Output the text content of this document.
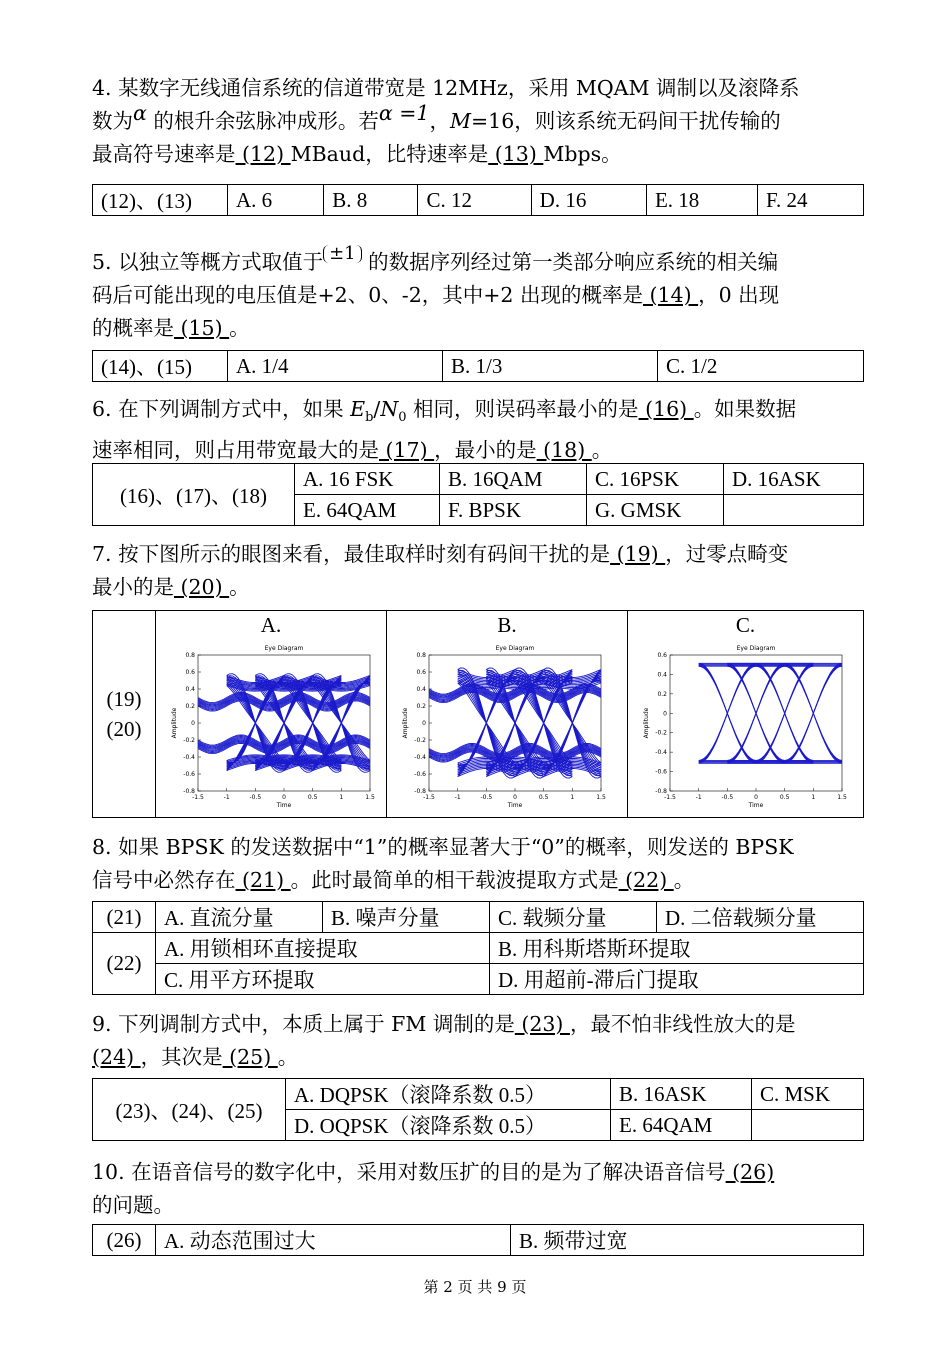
4. 某数字无线通信系统的信道带宽是 12MHz，采用 MQAM 调制以及滚降系
数为α 的根升余弦脉冲成形。若α =1，M=16，则该系统无码间干扰传输的
最高符号速率是 (12) MBaud，比特速率是 (13) Mbps。
(12)、(13)	A. 6	B. 8	C. 12	D. 16	E. 18	F. 24
5. 以独立等概方式取值于 ±1 的数据序列经过第一类部分响应系统的相关编
码后可能出现的电压值是+2、0、-2，其中+2 出现的概率是 (14) ，0 出现
的概率是 (15) 。
(14)、(15)	A. 1/4	B. 1/3	C. 1/2
6. 在下列调制方式中，如果 $E_b/N_0$ 相同，则误码率最小的是 (16) 。如果数据
速率相同，则占用带宽最大的是 (17) ，最小的是 (18) 。
(16)、(17)、(18)	A. 16 FSK	B. 16QAM	C. 16PSK	D. 16ASK
	E. 64QAM	F. BPSK	G. GMSK	
7. 按下图所示的眼图来看，最佳取样时刻有码间干扰的是 (19) ，过零点畸变
最小的是 (20) 。
(19)
(20)

A.
Eye Diagram
0.8
0.6
0.4
0.2
0
-0.2
-0.4
-0.6
-0.8
-1.5	-1	-0.5	0	0.5	1	1.5
Time
Amplitude

B.
Eye Diagram
0.8
0.6
0.4
0.2
0
-0.2
-0.4
-0.6
-0.8
-1.5	-1	-0.5	0	0.5	1	1.5
Time
Amplitude

C.
Eye Diagram
0.6
0.4
0.2
0
-0.2
-0.4
-0.6
-0.8
-1.5	-1	-0.5	0	0.5	1	1.5
Time
Amplitude
8. 如果 BPSK 的发送数据中“1”的概率显著大于“0”的概率，则发送的 BPSK
信号中必然存在 (21) 。此时最简单的相干载波提取方式是 (22) 。
(21)	A. 直流分量	B. 噪声分量	C. 载频分量	D. 二倍载频分量
(22)	A. 用锁相环直接提取		B. 用科斯塔斯环提取	
	C. 用平方环提取		D. 用超前-滞后门提取	
9. 下列调制方式中，本质上属于 FM 调制的是 (23) ，最不怕非线性放大的是
(24) ，其次是 (25) 。
(23)、(24)、(25)	A. DQPSK（滚降系数 0.5）	B. 16ASK	C. MSK
	D. OQPSK（滚降系数 0.5）	E. 64QAM	
10. 在语音信号的数字化中，采用对数压扩的目的是为了解决语音信号 (26)
的问题。
(26)	A. 动态范围过大	B. 频带过宽
第 2 页 共 9 页
